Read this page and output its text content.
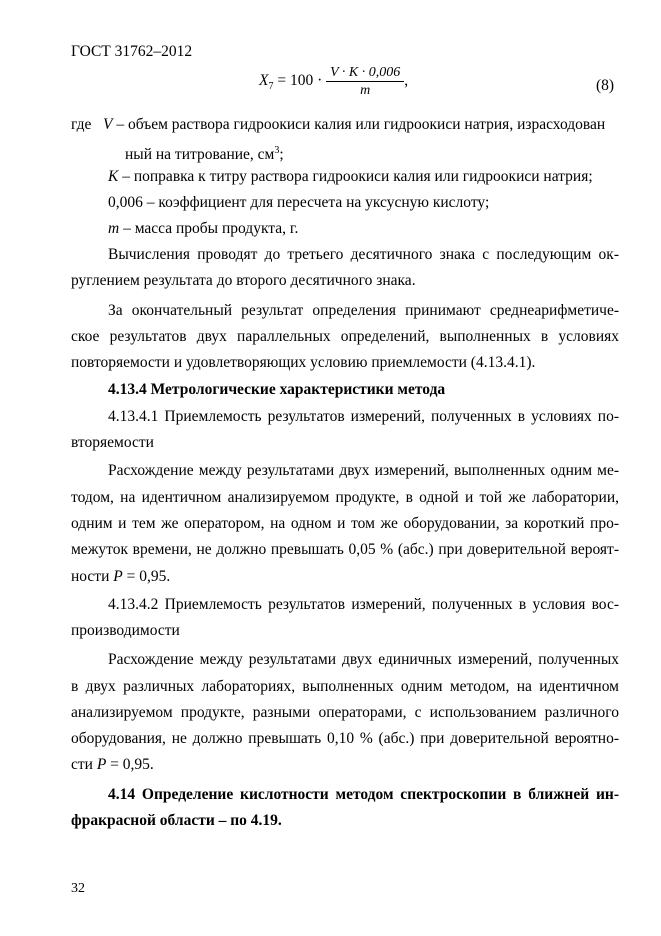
ГОСТ 31762–2012
$X_7 = 100 \cdot \frac{V \cdot K \cdot 0,006}{m}$ ,	(8)
где V – объем раствора гидроокиси калия или гидроокиси натрия, израсходован
ный на титрование, $см^3$;
K – поправка к титру раствора гидроокиси калия или гидроокиси натрия;
0,006 – коэффициент для пересчета на уксусную кислоту;
m – масса пробы продукта, г.
Вычисления проводят до третьего десятичного знака с последующим ок-
руглением результата до второго десятичного знака.
За окончательный результат определения принимают среднеарифметиче-
ское результатов двух параллельных определений, выполненных в условиях
повторяемости и удовлетворяющих условию приемлемости (4.13.4.1).
4.13.4 Метрологические характеристики метода
4.13.4.1 Приемлемость результатов измерений, полученных в условиях по-
вторяемости
Расхождение между результатами двух измерений, выполненных одним ме-
тодом, на идентичном анализируемом продукте, в одной и той же лаборатории,
одним и тем же оператором, на одном и том же оборудовании, за короткий про-
межуток времени, не должно превышать 0,05 % (абс.) при доверительной вероят-
ности P = 0,95.
4.13.4.2 Приемлемость результатов измерений, полученных в условия вос-
производимости
Расхождение между результатами двух единичных измерений, полученных
в двух различных лабораториях, выполненных одним методом, на идентичном
анализируемом продукте, разными операторами, с использованием различного
оборудования, не должно превышать 0,10 % (абс.) при доверительной вероятно-
сти P = 0,95.
4.14 Определение кислотности методом спектроскопии в ближней ин-
фракрасной области – по 4.19.
32
